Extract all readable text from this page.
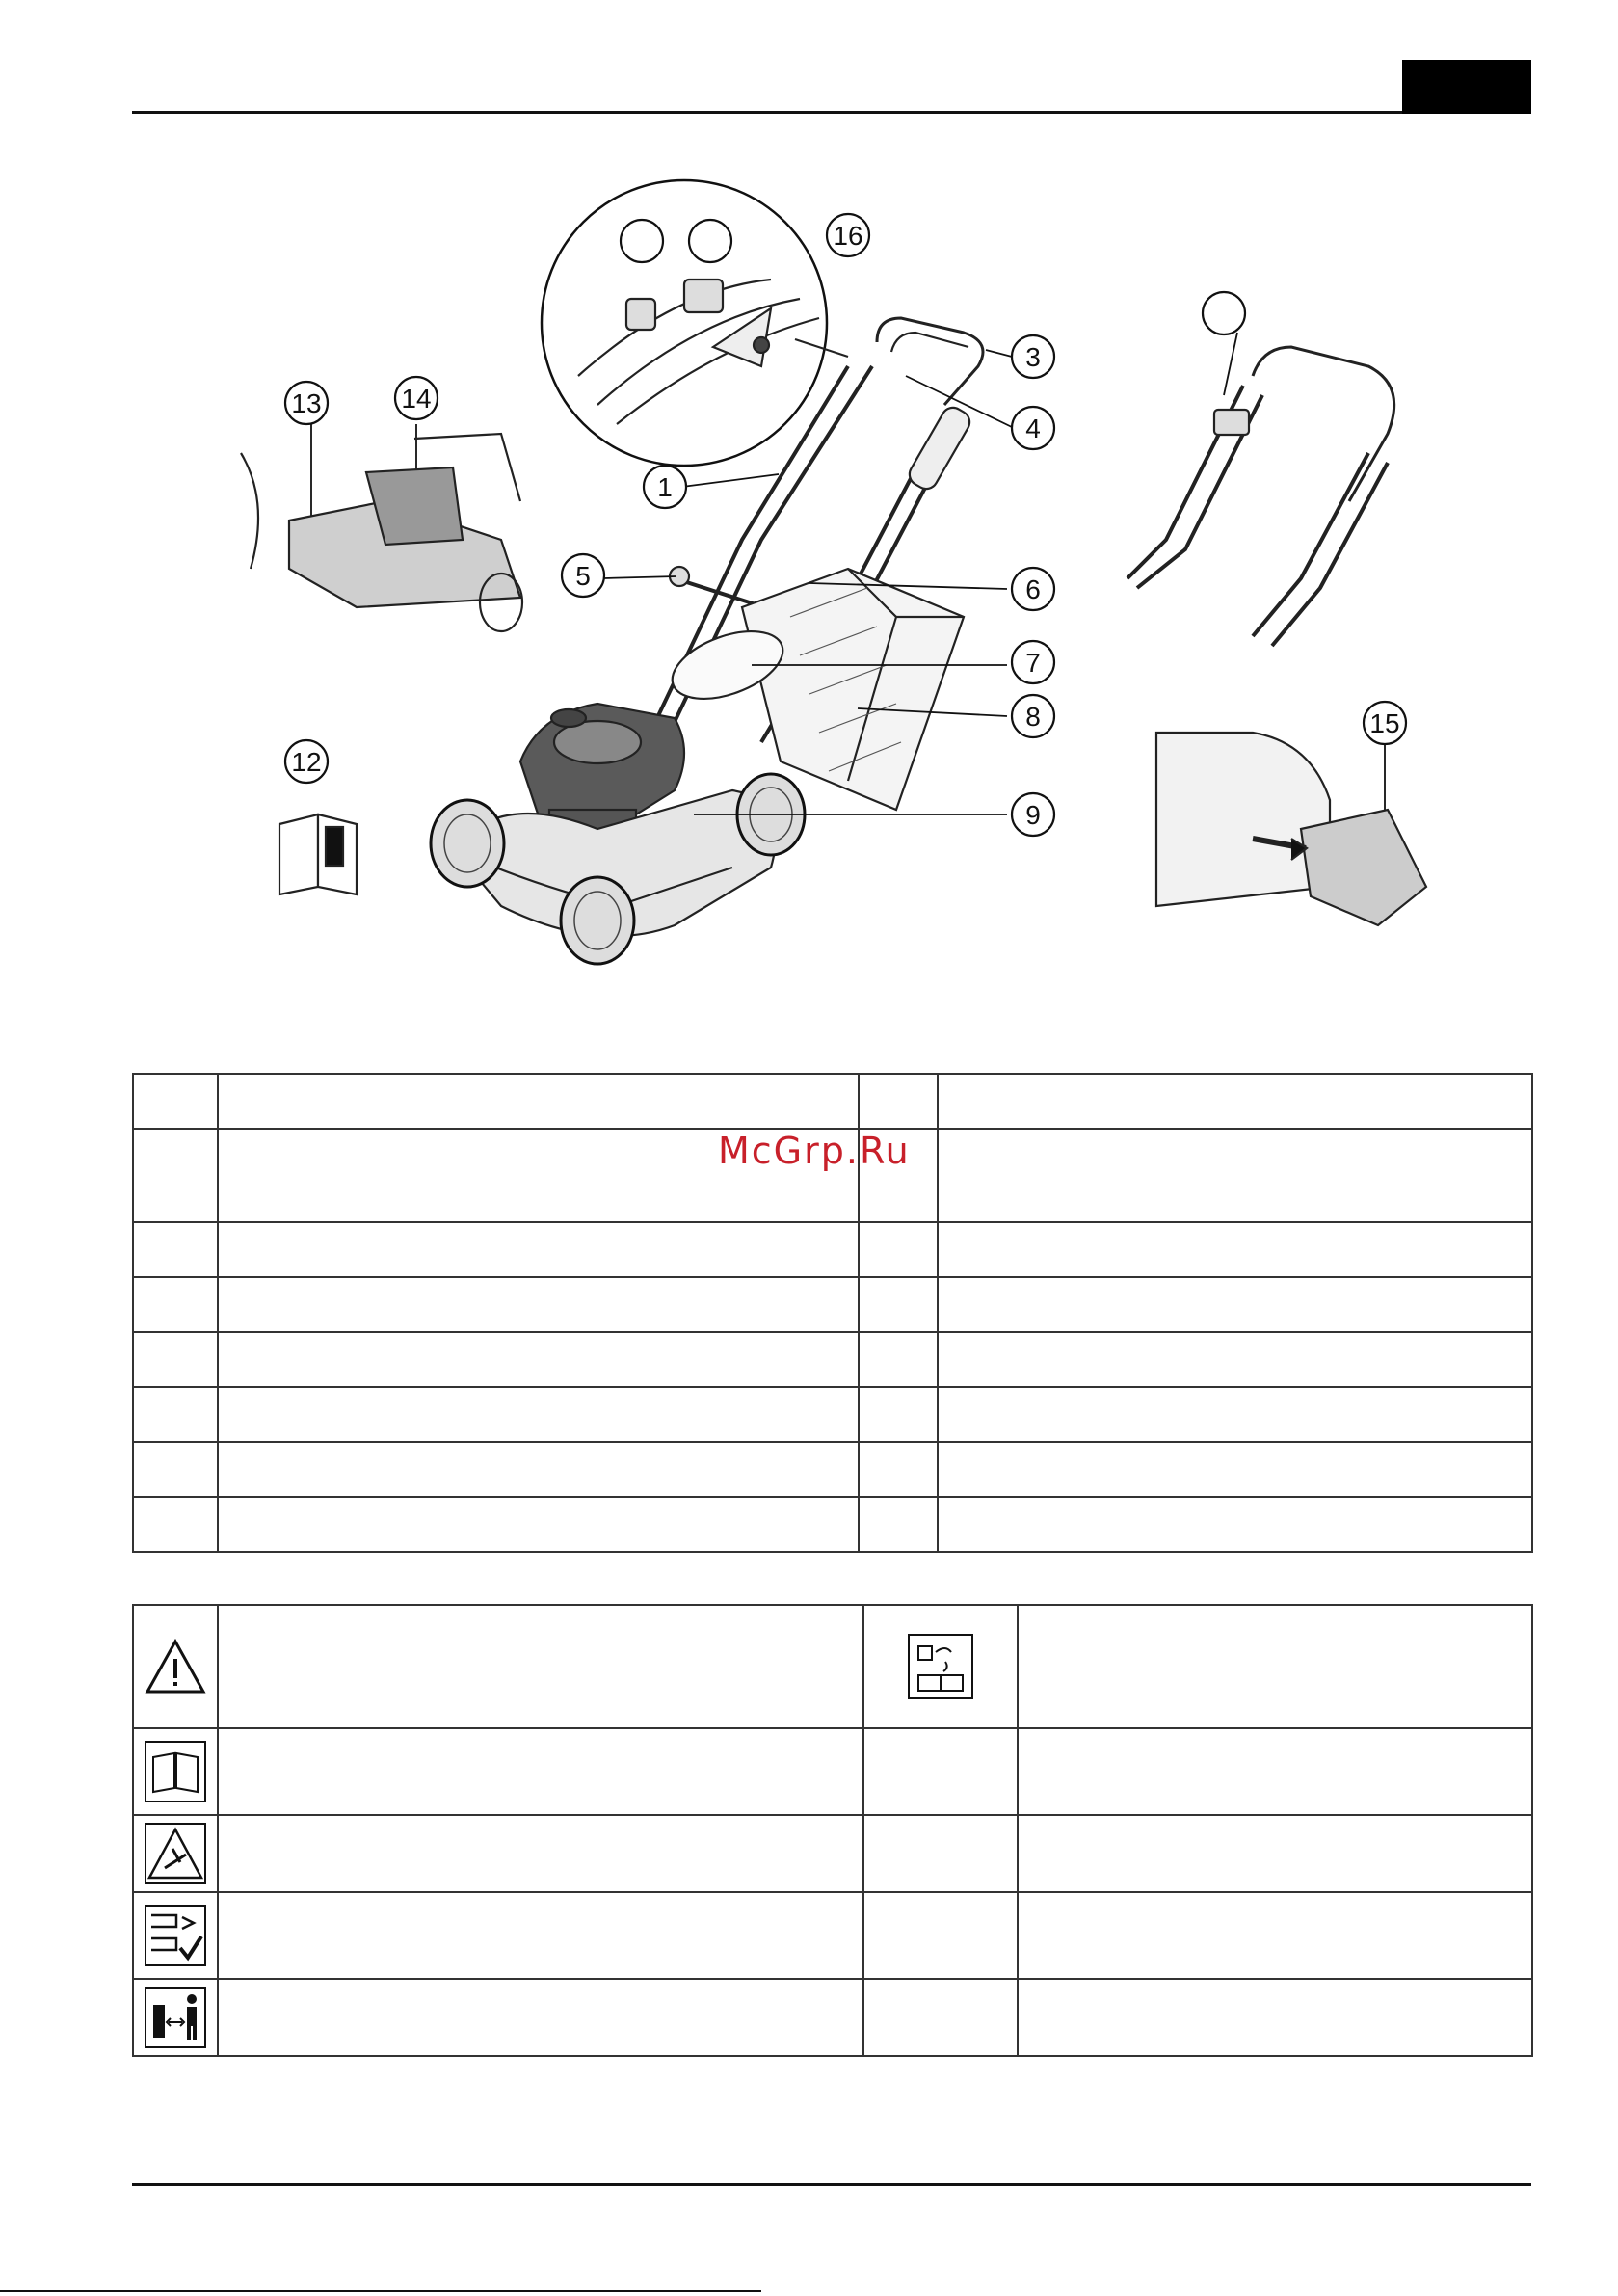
1
3
4
5	6
7
8
9
12
13	14
15
16
McGrp.Ru
